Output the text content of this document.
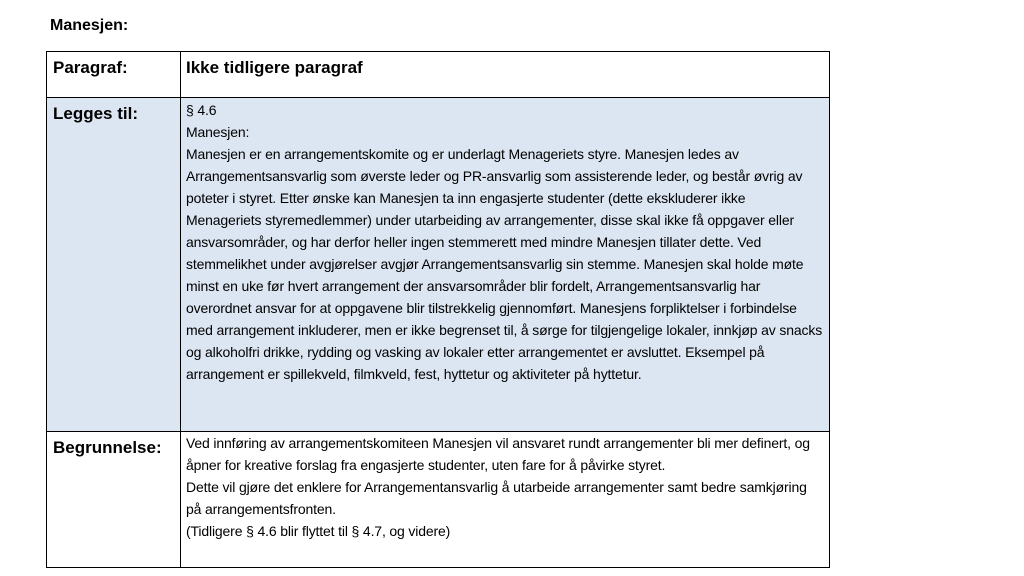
Manesjen:
Paragraf:	Ikke tidligere paragraf
Legges til:	§ 4.6

Manesjen:

Manesjen er en arrangementskomite og er underlagt Menageriets styre. Manesjen ledes av Arrangementsansvarlig som øverste leder og PR-ansvarlig som assisterende leder, og består øvrig av poteter i styret. Etter ønske kan Manesjen ta inn engasjerte studenter (dette ekskluderer ikke Menageriets styremedlemmer) under utarbeiding av arrangementer, disse skal ikke få oppgaver eller ansvarsområder, og har derfor heller ingen stemmerett med mindre Manesjen tillater dette. Ved stemmelikhet under avgjørelser avgjør Arrangementsansvarlig sin stemme. Manesjen skal holde møte minst en uke før hvert arrangement der ansvarsområder blir fordelt, Arrangementsansvarlig har overordnet ansvar for at oppgavene blir tilstrekkelig gjennomført. Manesjens forpliktelser i forbindelse med arrangement inkluderer, men er ikke begrenset til, å sørge for tilgjengelige lokaler, innkjøp av snacks og alkoholfri drikke, rydding og vasking av lokaler etter arrangementet er avsluttet. Eksempel på arrangement er spillekveld, filmkveld, fest, hyttetur og aktiviteter på hyttetur.

Begrunnelse:	Ved innføring av arrangementskomiteen Manesjen vil ansvaret rundt arrangementer bli mer definert, og åpner for kreative forslag fra engasjerte studenter, uten fare for å påvirke styret.

Dette vil gjøre det enklere for Arrangementansvarlig å utarbeide arrangementer samt bedre samkjøring på arrangementsfronten.

(Tidligere § 4.6 blir flyttet til § 4.7, og videre)
